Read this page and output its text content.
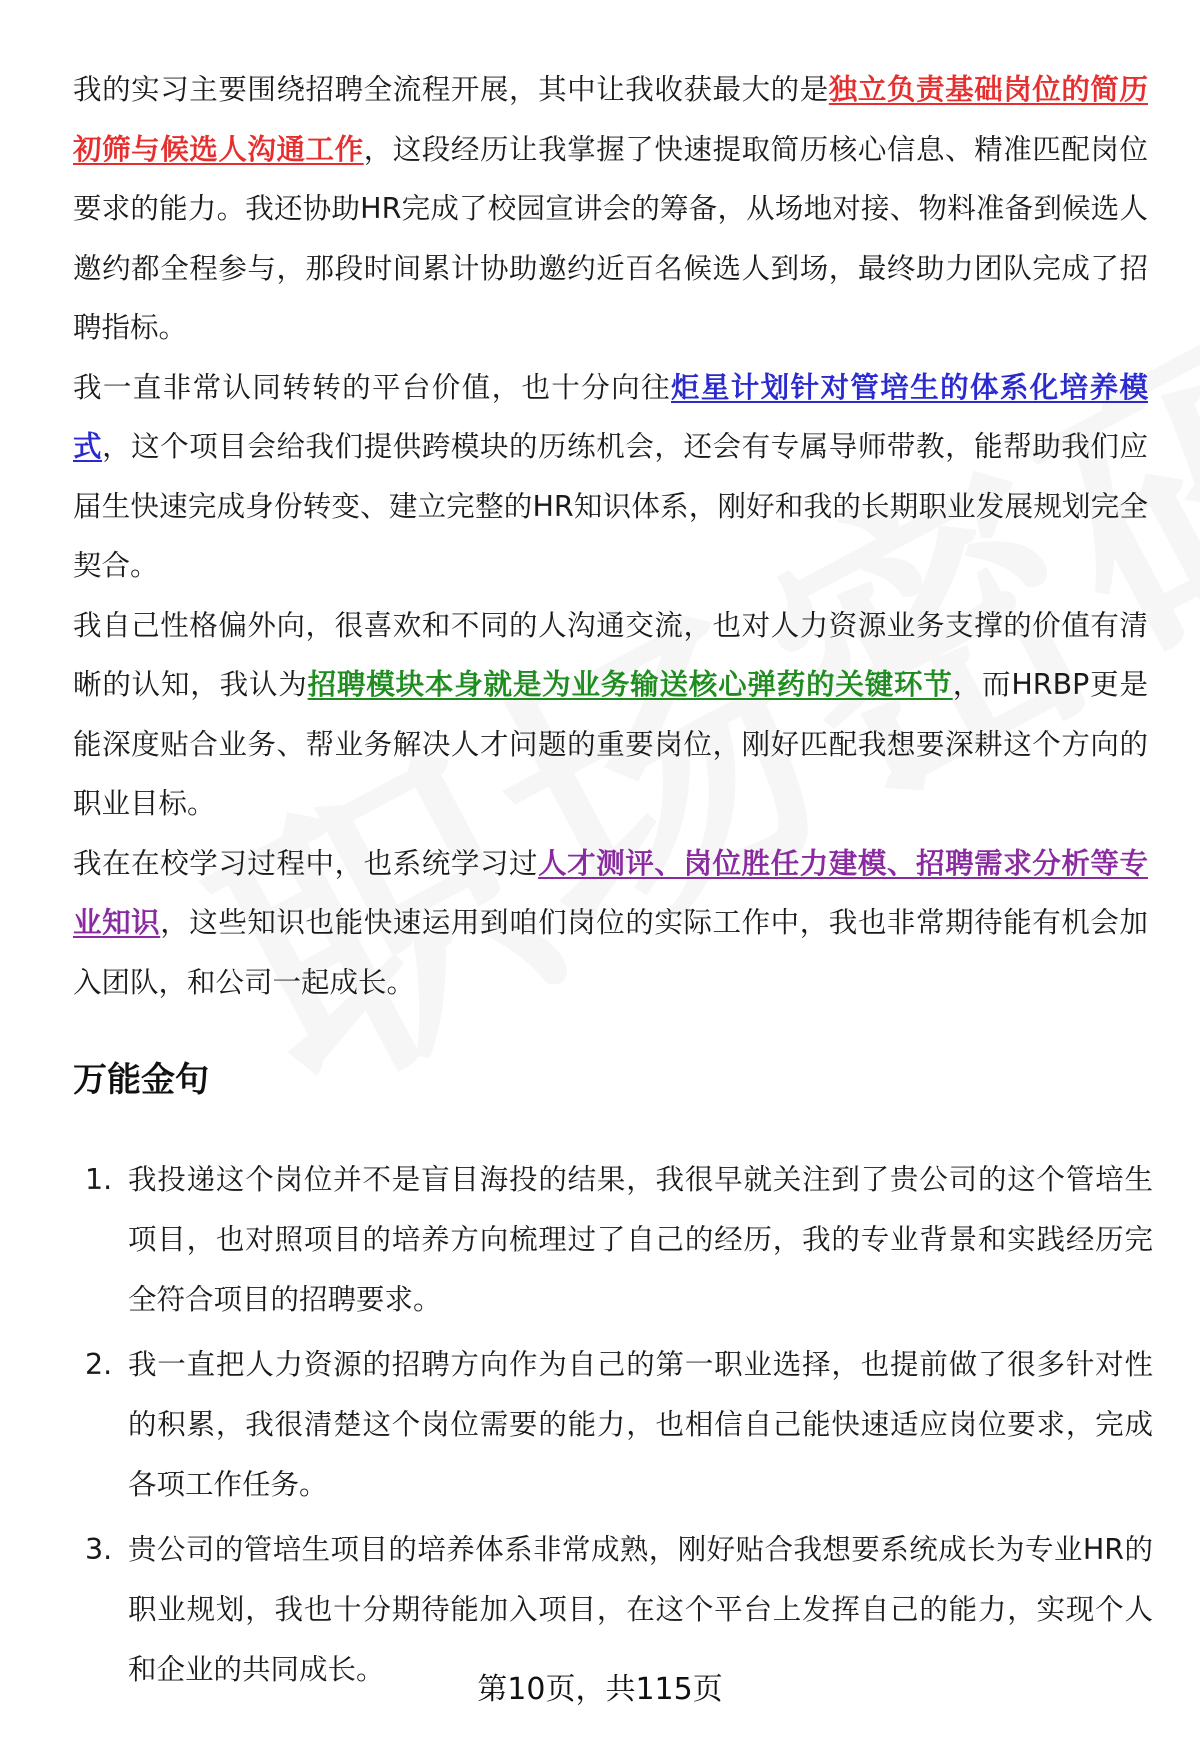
我的实习主要围绕招聘全流程开展，其中让我收获最大的是独立负责基础岗位的简历初筛与候选人沟通工作，这段经历让我掌握了快速提取简历核心信息、精准匹配岗位要求的能力。我还协助HR完成了校园宣讲会的筹备，从场地对接、物料准备到候选人邀约都全程参与，那段时间累计协助邀约近百名候选人到场，最终助力团队完成了招聘指标。

我一直非常认同转转的平台价值，也十分向往炬星计划针对管培生的体系化培养模式，这个项目会给我们提供跨模块的历练机会，还会有专属导师带教，能帮助我们应届生快速完成身份转变、建立完整的HR知识体系，刚好和我的长期职业发展规划完全契合。

我自己性格偏外向，很喜欢和不同的人沟通交流，也对人力资源业务支撑的价值有清晰的认知，我认为招聘模块本身就是为业务输送核心弹药的关键环节，而HRBP更是能深度贴合业务、帮业务解决人才问题的重要岗位，刚好匹配我想要深耕这个方向的职业目标。

我在在校学习过程中，也系统学习过人才测评、岗位胜任力建模、招聘需求分析等专业知识，这些知识也能快速运用到咱们岗位的实际工作中，我也非常期待能有机会加入团队，和公司一起成长。

万能金句
1. 我投递这个岗位并不是盲目海投的结果，我很早就关注到了贵公司的这个管培生项目，也对照项目的培养方向梳理过了自己的经历，我的专业背景和实践经历完全符合项目的招聘要求。
2. 我一直把人力资源的招聘方向作为自己的第一职业选择，也提前做了很多针对性的积累，我很清楚这个岗位需要的能力，也相信自己能快速适应岗位要求，完成各项工作任务。
3. 贵公司的管培生项目的培养体系非常成熟，刚好贴合我想要系统成长为专业HR的职业规划，我也十分期待能加入项目，在这个平台上发挥自己的能力，实现个人和企业的共同成长。
第10页，共115页
